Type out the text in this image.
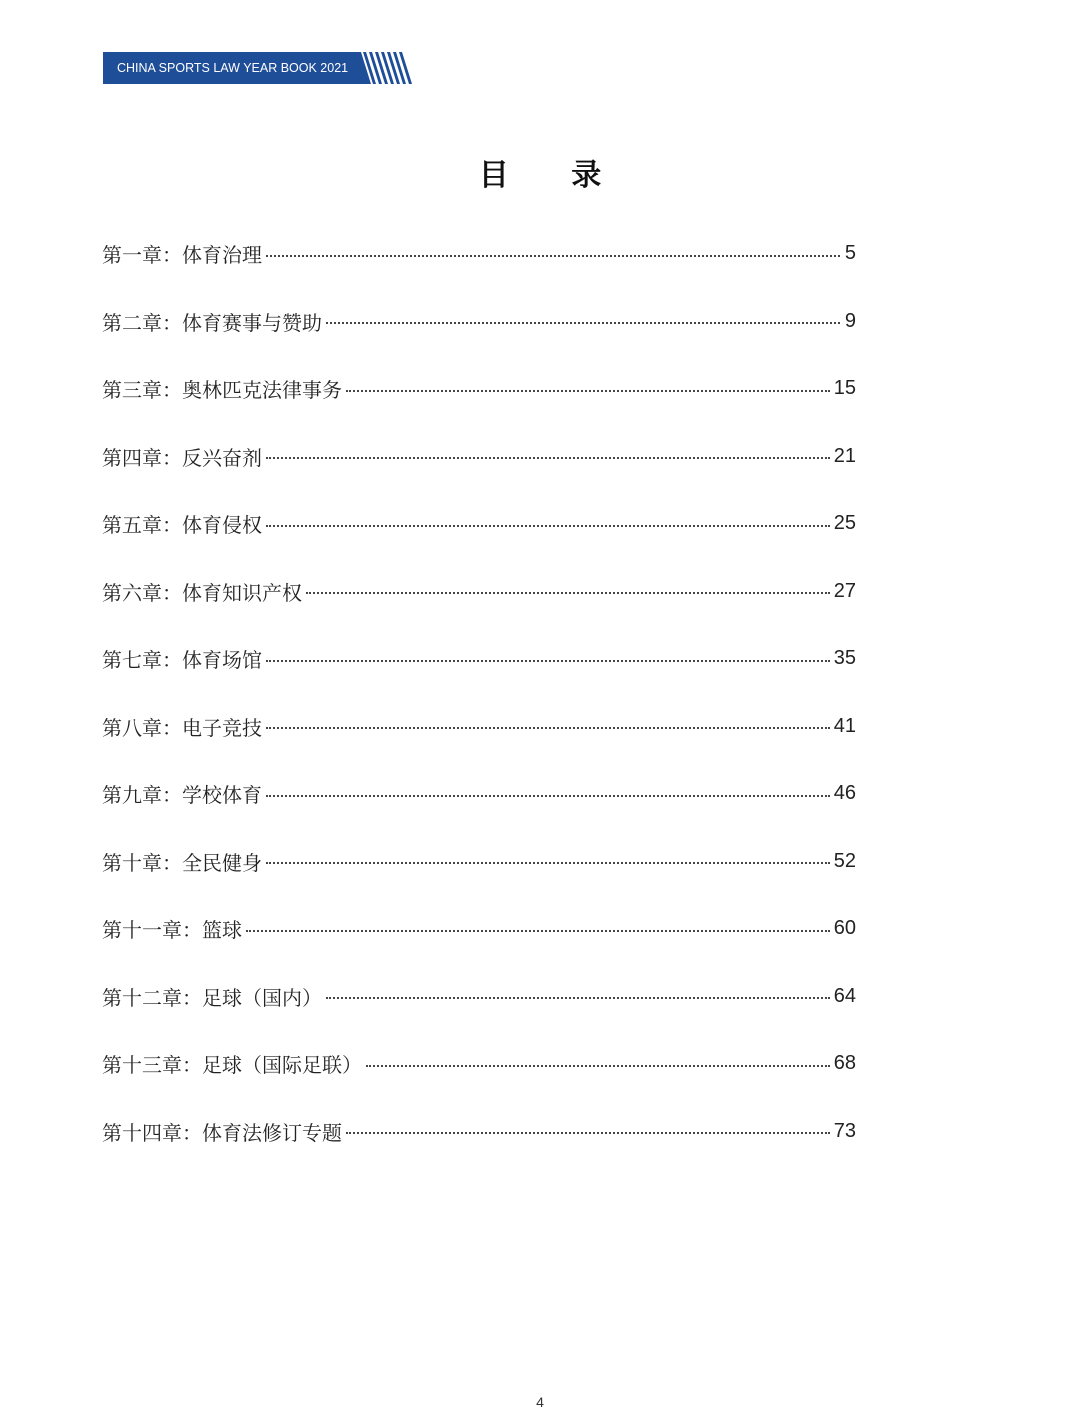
CHINA SPORTS LAW YEAR BOOK 2021
目 录
第一章：体育治理	5
第二章：体育赛事与赞助	9
第三章：奥林匹克法律事务	15
第四章：反兴奋剂	21
第五章：体育侵权	25
第六章：体育知识产权	27
第七章：体育场馆	35
第八章：电子竞技	41
第九章：学校体育	46
第十章：全民健身	52
第十一章：篮球	60
第十二章：足球（国内）	64
第十三章：足球（国际足联）	68
第十四章：体育法修订专题	73
4
